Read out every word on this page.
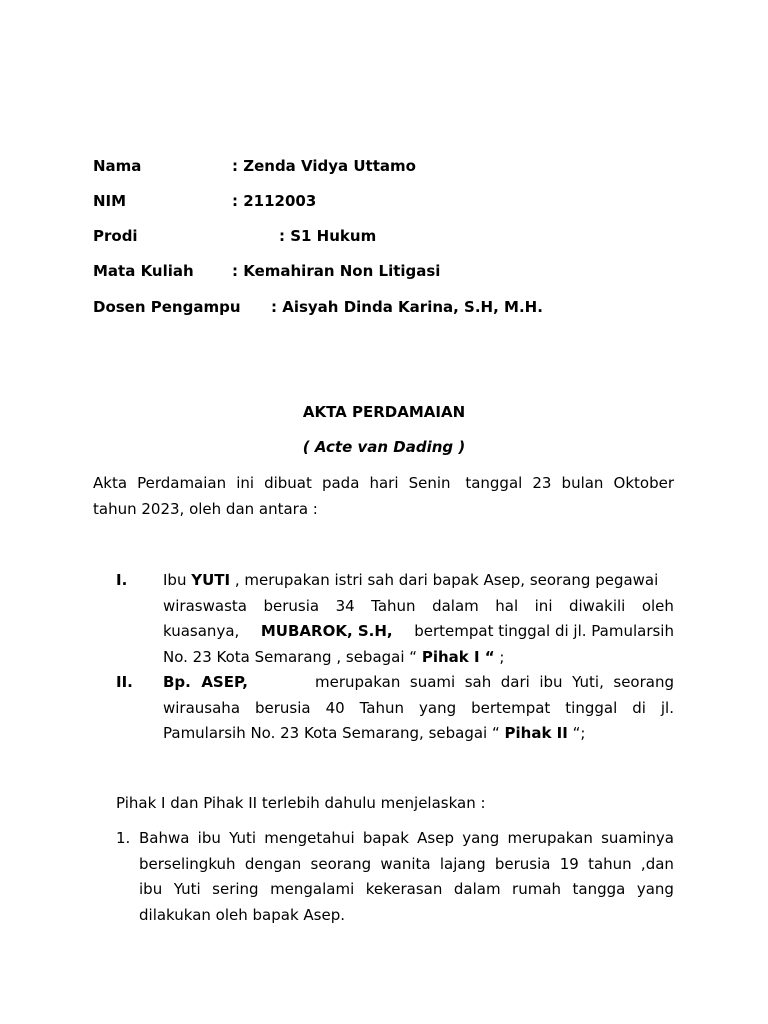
Nama	: Zenda Vidya Uttamo
NIM	: 2112003
Prodi	: S1 Hukum
Mata Kuliah	: Kemahiran Non Litigasi
Dosen Pengampu : Aisyah Dinda Karina, S.H, M.H.
AKTA PERDAMAIAN
( Acte van Dading )
Akta Perdamaian ini dibuat pada hari Senin tanggal 23 bulan Oktober
tahun 2023, oleh dan antara :
I. Ibu YUTI , merupakan istri sah dari bapak Asep, seorang pegawai
wiraswasta berusia 34 Tahun dalam hal ini diwakili oleh
kuasanya, MUBAROK, S.H, bertempat tinggal di jl. Pamularsih
No. 23 Kota Semarang , sebagai “ Pihak I “ ;
II. Bp.  ASEP,	merupakan  suami  sah  dari  ibu  Yuti,  seorang
wirausaha berusia 40 Tahun yang bertempat tinggal di jl.
Pamularsih No. 23 Kota Semarang, sebagai “ Pihak II “;
Pihak I dan Pihak II terlebih dahulu menjelaskan :
1. Bahwa ibu Yuti mengetahui bapak Asep yang merupakan suaminya
berselingkuh dengan seorang wanita lajang berusia 19 tahun ,dan
ibu Yuti sering mengalami kekerasan dalam rumah tangga yang
dilakukan oleh bapak Asep.
